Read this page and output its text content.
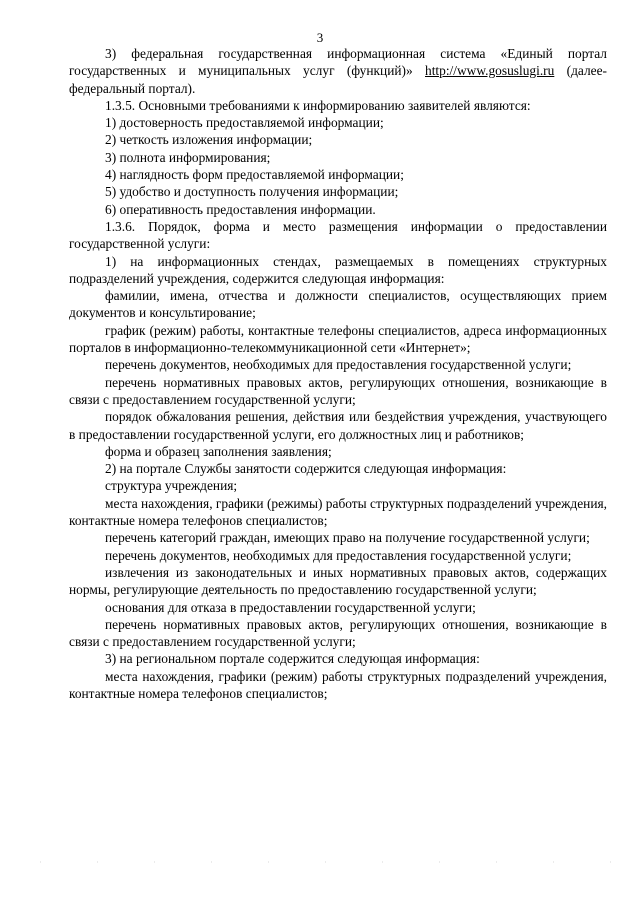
3

3) федеральная государственная информационная система «Единый портал государственных и муниципальных услуг (функций)» http://www.gosuslugi.ru (далее-федеральный портал).

1.3.5. Основными требованиями к информированию заявителей являются:

1) достоверность предоставляемой информации;

2) четкость изложения информации;

3) полнота информирования;

4) наглядность форм предоставляемой информации;

5) удобство и доступность получения информации;

6) оперативность предоставления информации.

1.3.6. Порядок, форма и место размещения информации о предоставлении государственной услуги:

1) на информационных стендах, размещаемых в помещениях структурных подразделений учреждения, содержится следующая информация:

фамилии, имена, отчества и должности специалистов, осуществляющих прием документов и консультирование;

график (режим) работы, контактные телефоны специалистов, адреса информационных порталов в информационно-телекоммуникационной сети «Интернет»;

перечень документов, необходимых для предоставления государственной услуги;

перечень нормативных правовых актов, регулирующих отношения, возникающие в связи с предоставлением государственной услуги;

порядок обжалования решения, действия или бездействия учреждения, участвующего в предоставлении государственной услуги, его должностных лиц и работников;

форма и образец заполнения заявления;

2) на портале Службы занятости содержится следующая информация:

структура учреждения;

места нахождения, графики (режимы) работы структурных подразделений учреждения, контактные номера телефонов специалистов;

перечень категорий граждан, имеющих право на получение государственной услуги;

перечень документов, необходимых для предоставления государственной услуги;

извлечения из законодательных и иных нормативных правовых актов, содержащих нормы, регулирующие деятельность по предоставлению государственной услуги;

основания для отказа в предоставлении государственной услуги;

перечень нормативных правовых актов, регулирующих отношения, возникающие в связи с предоставлением государственной услуги;

3) на региональном портале содержится следующая информация:

места нахождения, графики (режим) работы структурных подразделений учреждения, контактные номера телефонов специалистов;
